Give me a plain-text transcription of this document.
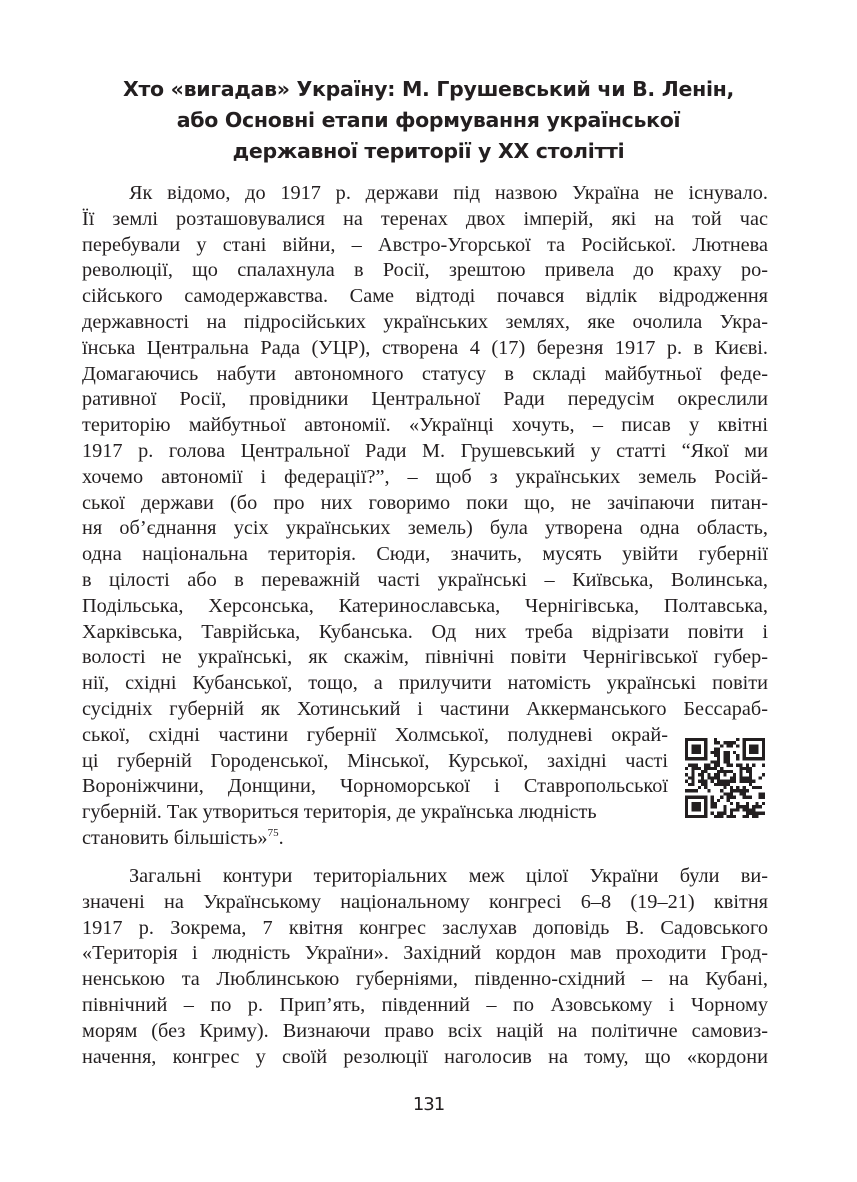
Хто «вигадав» Україну: М. Грушевський чи В. Ленін,
або Основні етапи формування української
державної території у XX столітті
Як відомо, до 1917 р. держави під назвою Україна не існувало.
Її землі розташовувалися на теренах двох імперій, які на той час
перебували у стані війни, – Австро-Угорської та Російської. Лютнева
революції, що спалахнула в Росії, зрештою привела до краху ро-
сійського самодержавства. Саме відтоді почався відлік відродження
державності на підросійських українських землях, яке очолила Укра-
їнська Центральна Рада (УЦР), створена 4 (17) березня 1917 р. в Києві.
Домагаючись набути автономного статусу в складі майбутньої феде-
ративної Росії, провідники Центральної Ради передусім окреслили
територію майбутньої автономії. «Українці хочуть, – писав у квітні
1917 р. голова Центральної Ради М. Грушевський у статті “Якої ми
хочемо автономії і федерації?”, – щоб з українських земель Росій-
ської держави (бо про них говоримо поки що, не зачіпаючи питан-
ня об’єднання усіх українських земель) була утворена одна область,
одна національна територія. Сюди, значить, мусять увійти губернії
в цілості або в переважній часті українські – Київська, Волинська,
Подільська, Херсонська, Катеринославська, Чернігівська, Полтавська,
Харківська, Таврійська, Кубанська. Од них треба відрізати повіти і
волості не українські, як скажім, північні повіти Чернігівської губер-
нії, східні Кубанської, тощо, а прилучити натомість українські повіти
сусідніх губерній як Хотинський і частини Аккерманського Бессараб-
ської, східні частини губернії Холмської, полудневі окрай-
ці губерній Городенської, Мінської, Курської, західні часті
Вороніжчини, Донщини, Чорноморської і Ставропольської
губерній. Так утвориться територія, де українська людність
становить більшість»$^{75}$.
Загальні контури територіальних меж цілої України були ви-
значені на Українському національному конгресі 6–8 (19–21) квітня
1917 р. Зокрема, 7 квітня конгрес заслухав доповідь В. Садовського
«Територія і людність України». Західний кордон мав проходити Грод-
ненською та Люблинською губерніями, південно-східний – на Кубані,
північний – по р. Прип’ять, південний – по Азовському і Чорному
морям (без Криму). Визнаючи право всіх націй на політичне самовиз-
начення, конгрес у своїй резолюції наголосив на тому, що «кордони
131
